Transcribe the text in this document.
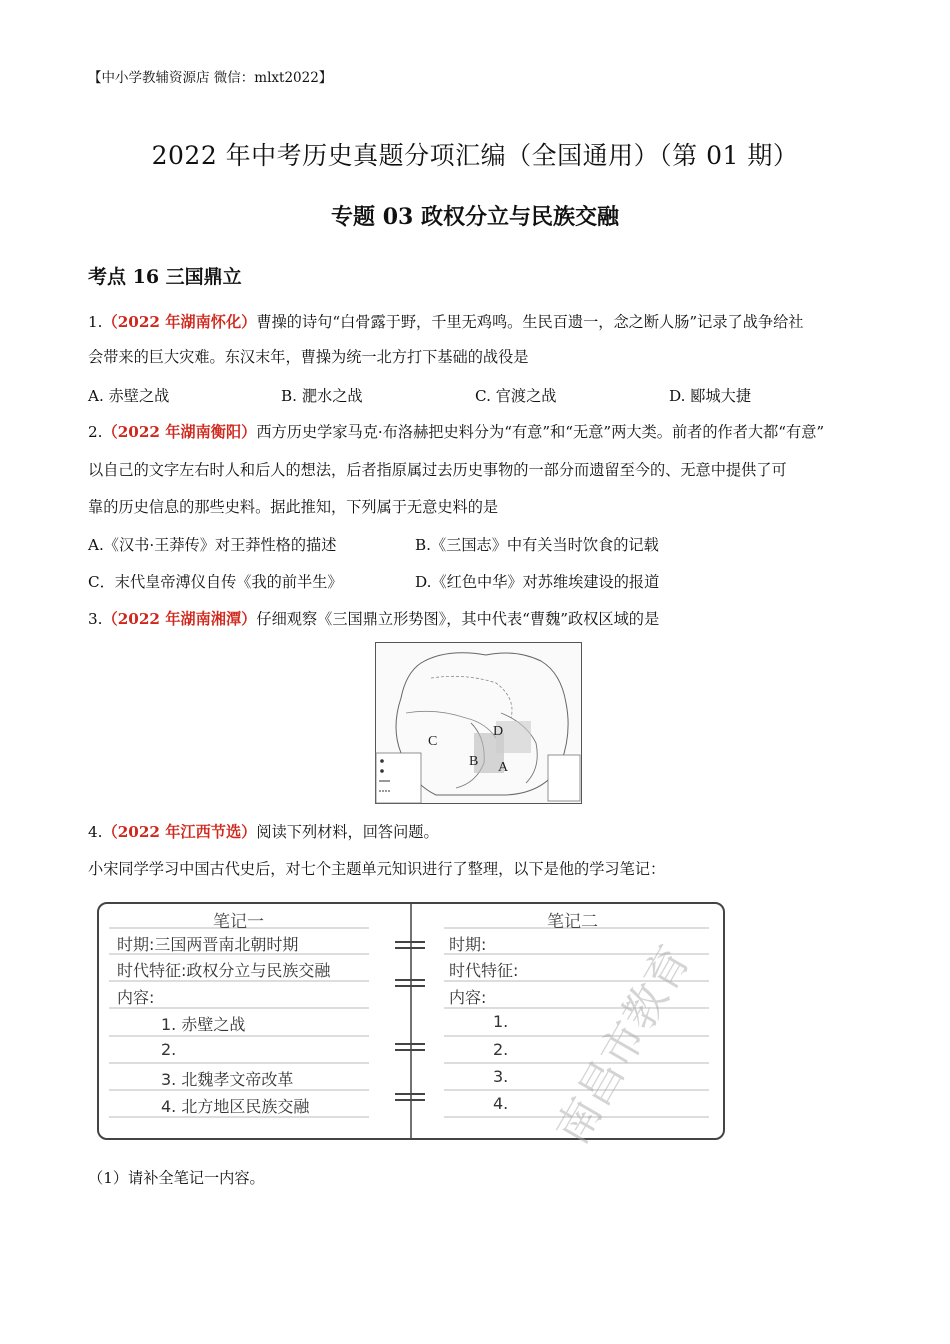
【中小学教辅资源店 微信：mlxt2022】
2022 年中考历史真题分项汇编（全国通用）（第 01 期）
专题 03 政权分立与民族交融
考点 16 三国鼎立
1.（2022 年湖南怀化）曹操的诗句“白骨露于野，千里无鸡鸣。生民百遗一，念之断人肠”记录了战争给社
会带来的巨大灾难。东汉末年，曹操为统一北方打下基础的战役是
A. 赤壁之战	B. 淝水之战	C. 官渡之战	D. 郾城大捷
2.（2022 年湖南衡阳）西方历史学家马克·布洛赫把史料分为“有意”和“无意”两大类。前者的作者大都“有意”
以自己的文字左右时人和后人的想法，后者指原属过去历史事物的一部分而遗留至今的、无意中提供了可
靠的历史信息的那些史料。据此推知，下列属于无意史料的是
A.《汉书·王莽传》对王莽性格的描述	B.《三国志》中有关当时饮食的记载
C．末代皇帝溥仪自传《我的前半生》	D.《红色中华》对苏维埃建设的报道
3.（2022 年湖南湘潭）仔细观察《三国鼎立形势图》，其中代表“曹魏”政权区域的是
C
B A
D
4.（2022 年江西节选）阅读下列材料，回答问题。
小宋同学学习中国古代史后，对七个主题单元知识进行了整理，以下是他的学习笔记：
笔记一
时期:三国两晋南北朝时期
时代特征:政权分立与民族交融
内容:
1. 赤壁之战
2.
3. 北魏孝文帝改革
4. 北方地区民族交融
笔记二
时期:
时代特征:
内容:
1.
2.
3.
4. 南昌市教育
（1）请补全笔记一内容。
